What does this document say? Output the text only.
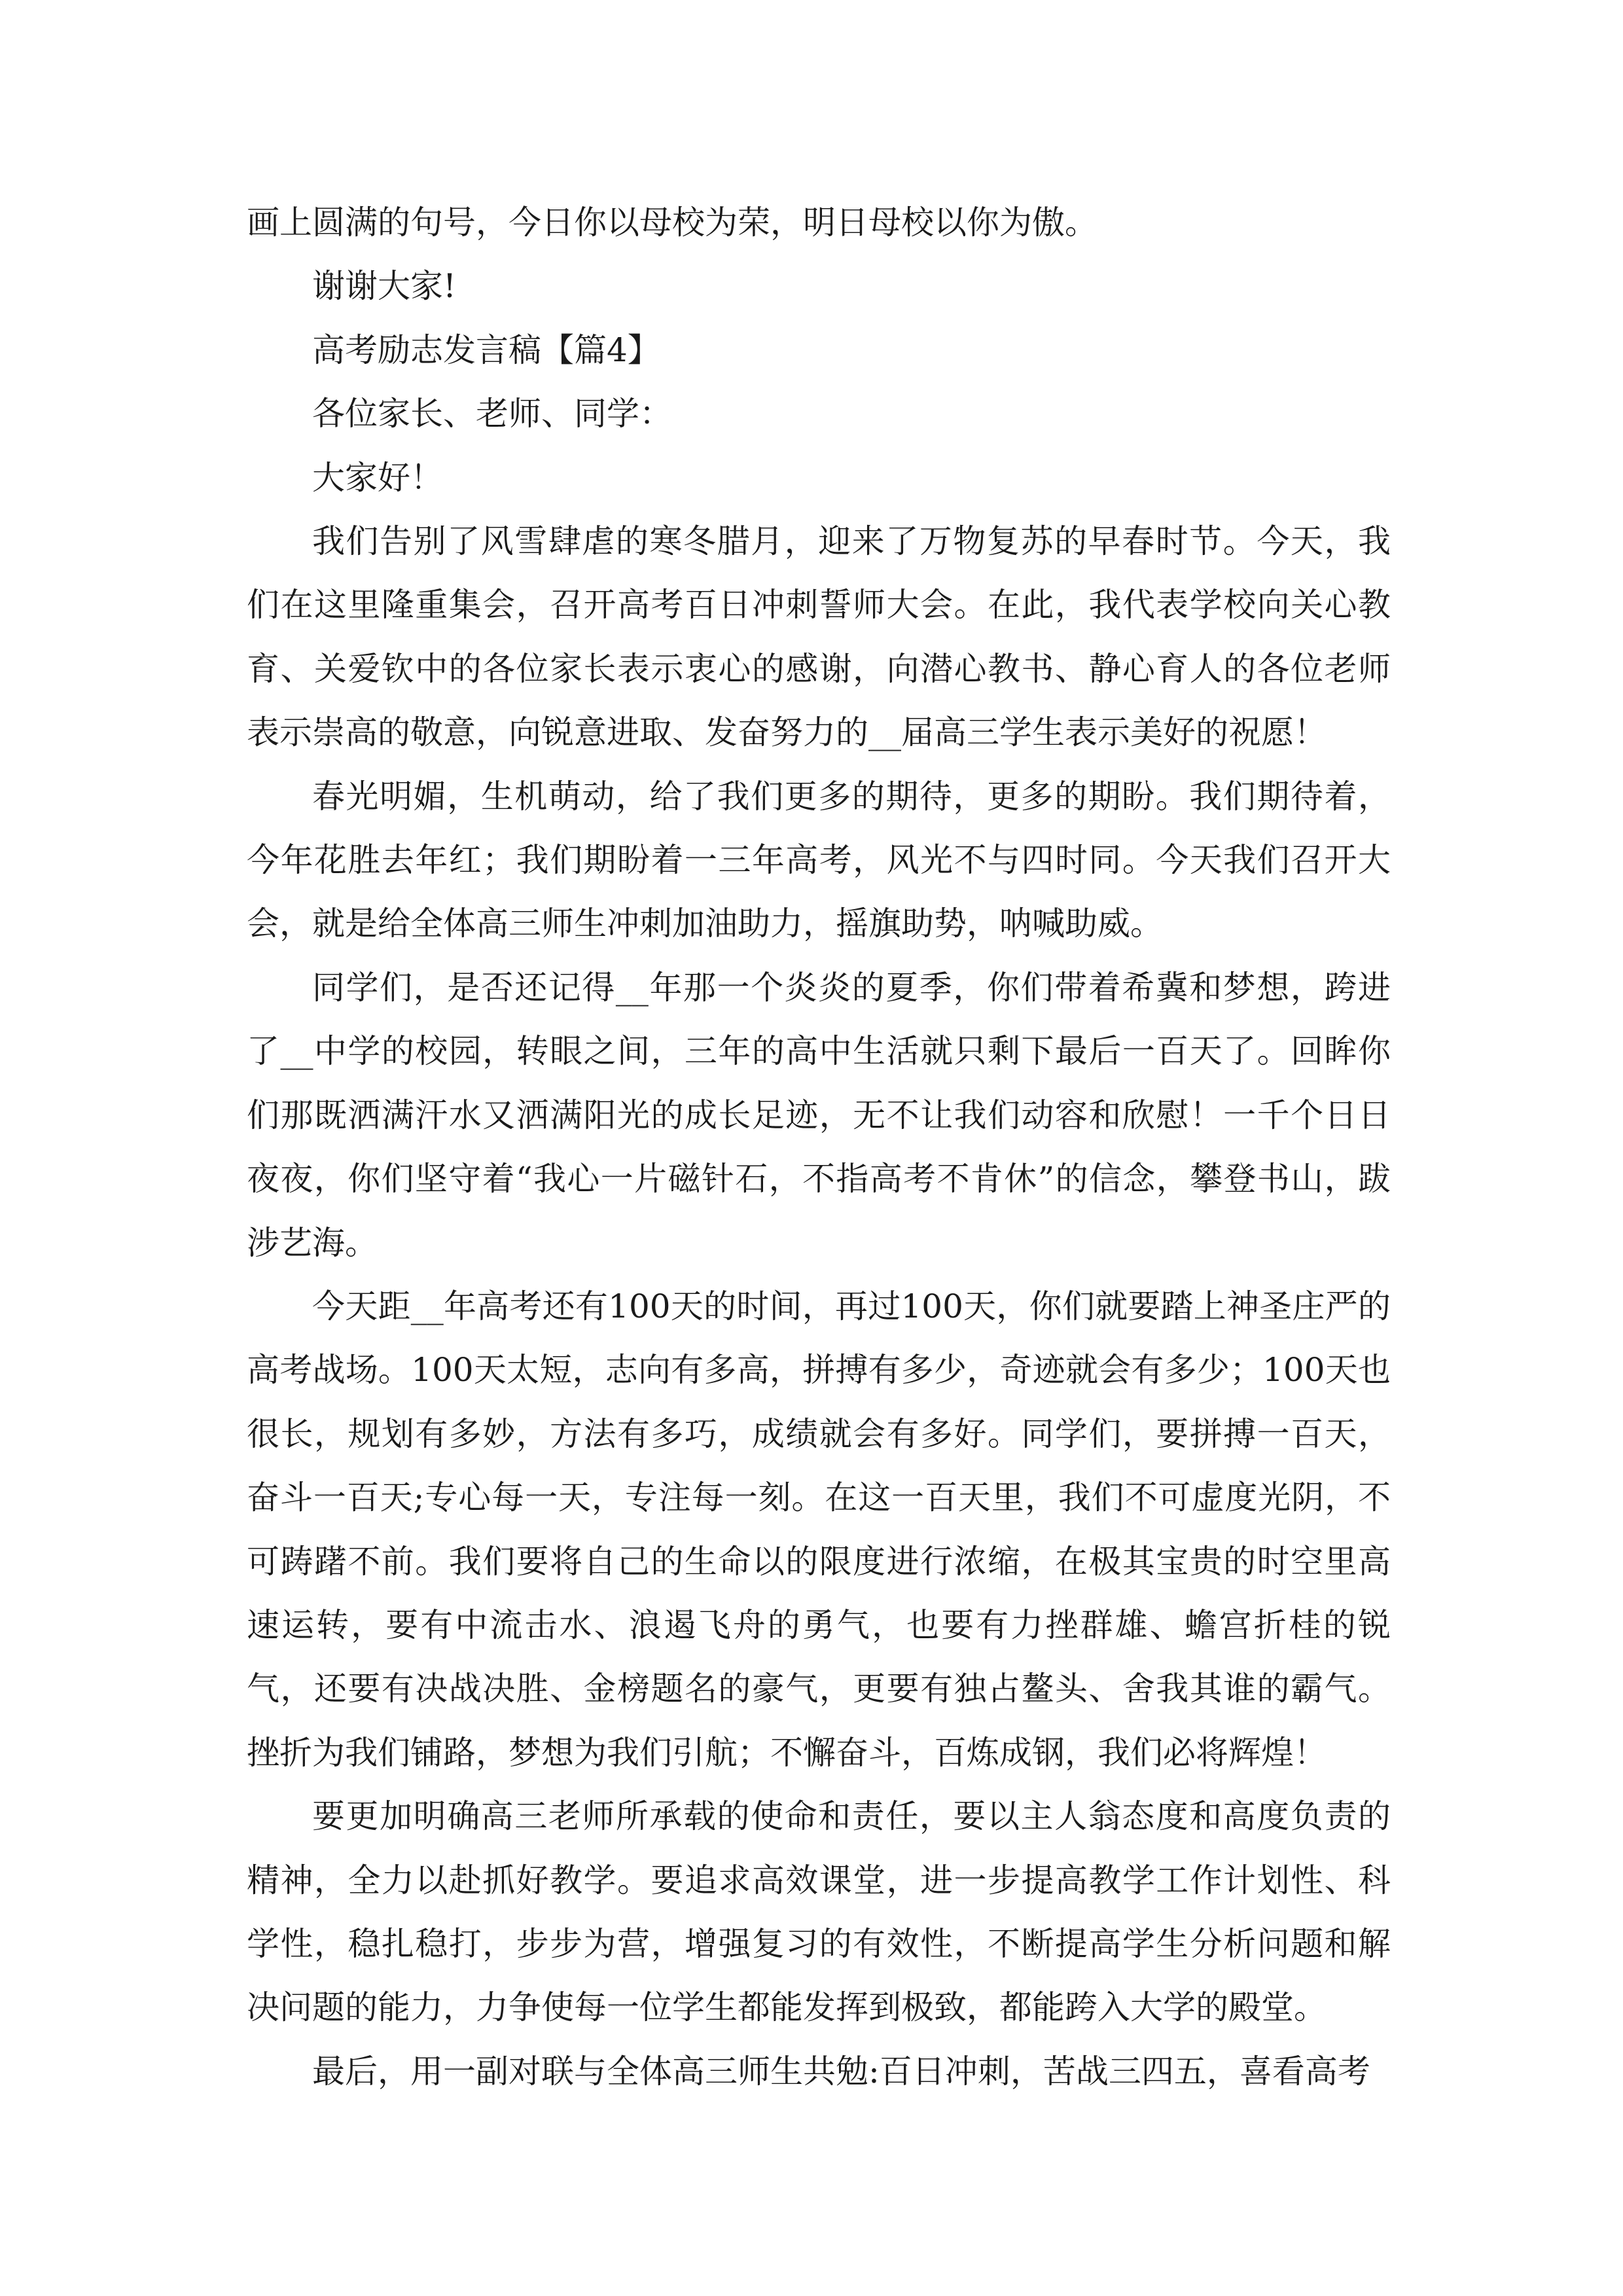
画上圆满的句号，今日你以母校为荣，明日母校以你为傲。

谢谢大家!

高考励志发言稿【篇4】

各位家长、老师、同学：

大家好！

我们告别了风雪肆虐的寒冬腊月，迎来了万物复苏的早春时节。今天，我们在这里隆重集会，召开高考百日冲刺誓师大会。在此，我代表学校向关心教育、关爱钦中的各位家长表示衷心的感谢，向潜心教书、静心育人的各位老师表示崇高的敬意，向锐意进取、发奋努力的__届高三学生表示美好的祝愿！

春光明媚，生机萌动，给了我们更多的期待，更多的期盼。我们期待着，今年花胜去年红；我们期盼着一三年高考，风光不与四时同。今天我们召开大会，就是给全体高三师生冲刺加油助力，摇旗助势，呐喊助威。

同学们，是否还记得__年那一个炎炎的夏季，你们带着希冀和梦想，跨进了__中学的校园，转眼之间，三年的高中生活就只剩下最后一百天了。回眸你们那既洒满汗水又洒满阳光的成长足迹，无不让我们动容和欣慰！一千个日日夜夜，你们坚守着“我心一片磁针石，不指高考不肯休”的信念，攀登书山，跋涉艺海。

今天距__年高考还有100天的时间，再过100天，你们就要踏上神圣庄严的高考战场。100天太短，志向有多高，拼搏有多少，奇迹就会有多少；100天也很长，规划有多妙，方法有多巧，成绩就会有多好。同学们，要拼搏一百天，奋斗一百天;专心每一天，专注每一刻。在这一百天里，我们不可虚度光阴，不可踌躇不前。我们要将自己的生命以的限度进行浓缩，在极其宝贵的时空里高速运转，要有中流击水、浪遏飞舟的勇气，也要有力挫群雄、蟾宫折桂的锐气，还要有决战决胜、金榜题名的豪气，更要有独占鳌头、舍我其谁的霸气。挫折为我们铺路，梦想为我们引航；不懈奋斗，百炼成钢，我们必将辉煌！

要更加明确高三老师所承载的使命和责任，要以主人翁态度和高度负责的精神，全力以赴抓好教学。要追求高效课堂，进一步提高教学工作计划性、科学性，稳扎稳打，步步为营，增强复习的有效性，不断提高学生分析问题和解决问题的能力，力争使每一位学生都能发挥到极致，都能跨入大学的殿堂。

最后，用一副对联与全体高三师生共勉:百日冲刺，苦战三四五，喜看高考
